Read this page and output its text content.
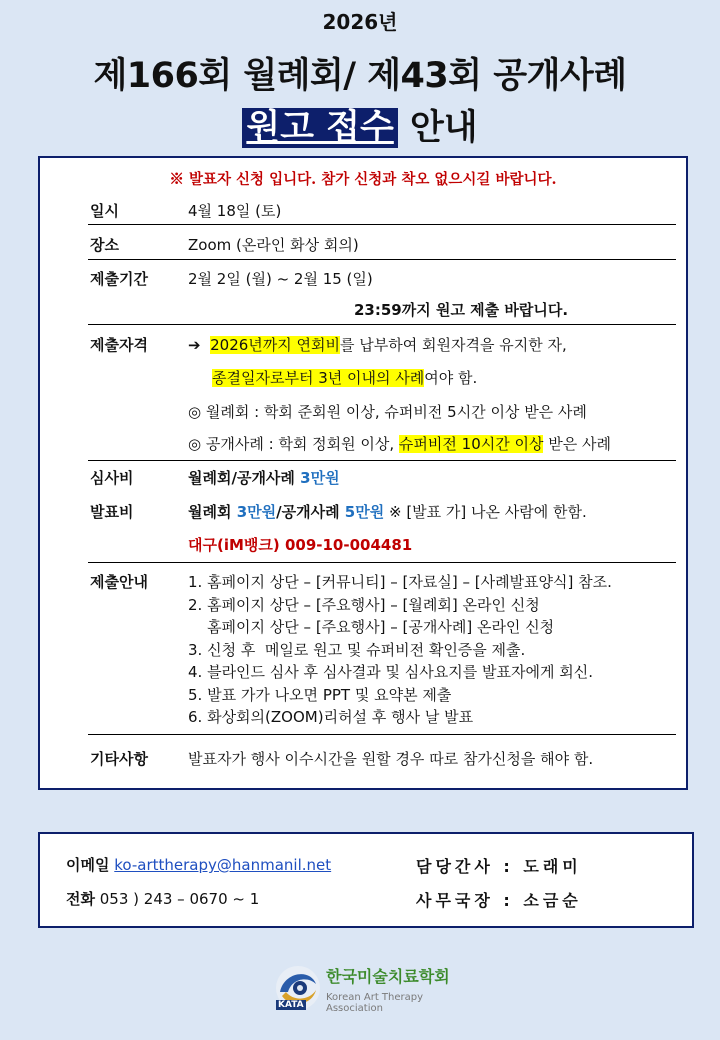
2026년
제166회 월례회/ 제43회 공개사례
원고 접수 안내
※ 발표자 신청 입니다. 참가 신청과 착오 없으시길 바랍니다.
일시	4월 18일 (토)
장소	Zoom (온라인 화상 회의)
제출기간	2월 2일 (월) ~ 2월 15 (일)
23:59까지 원고 제출 바랍니다.
제출자격	➔ 2026년까지 연회비를 납부하여 회원자격을 유지한 자,
종결일자로부터 3년 이내의 사례여야 함.
◎ 월례회 : 학회 준회원 이상, 슈퍼비전 5시간 이상 받은 사례
◎ 공개사례 : 학회 정회원 이상, 슈퍼비전 10시간 이상 받은 사례
심사비	월례회/공개사례 3만원
발표비	월례회 3만원/공개사례 5만원 ※ [발표 가] 나온 사람에 한함.
대구(iM뱅크) 009-10-004481
제출안내	1. 홈페이지 상단 – [커뮤니티] – [자료실] – [사례발표양식] 참조.
2. 홈페이지 상단 – [주요행사] – [월례회] 온라인 신청
홈페이지 상단 – [주요행사] – [공개사례] 온라인 신청
3. 신청 후  메일로 원고 및 슈퍼비전 확인증을 제출.
4. 블라인드 심사 후 심사결과 및 심사요지를 발표자에게 회신.
5. 발표 가가 나오면 PPT 및 요약본 제출
6. 화상회의(ZOOM)리허설 후 행사 날 발표
기타사항	발표자가 행사 이수시간을 원할 경우 따로 참가신청을 해야 함.
이메일 ko-arttherapy@hanmanil.net
전화 053 ) 243 – 0670 ~ 1
담당간사 : 도래미
사무국장 : 소금순
KATA
한국미술치료학회
Korean Art Therapy Association
